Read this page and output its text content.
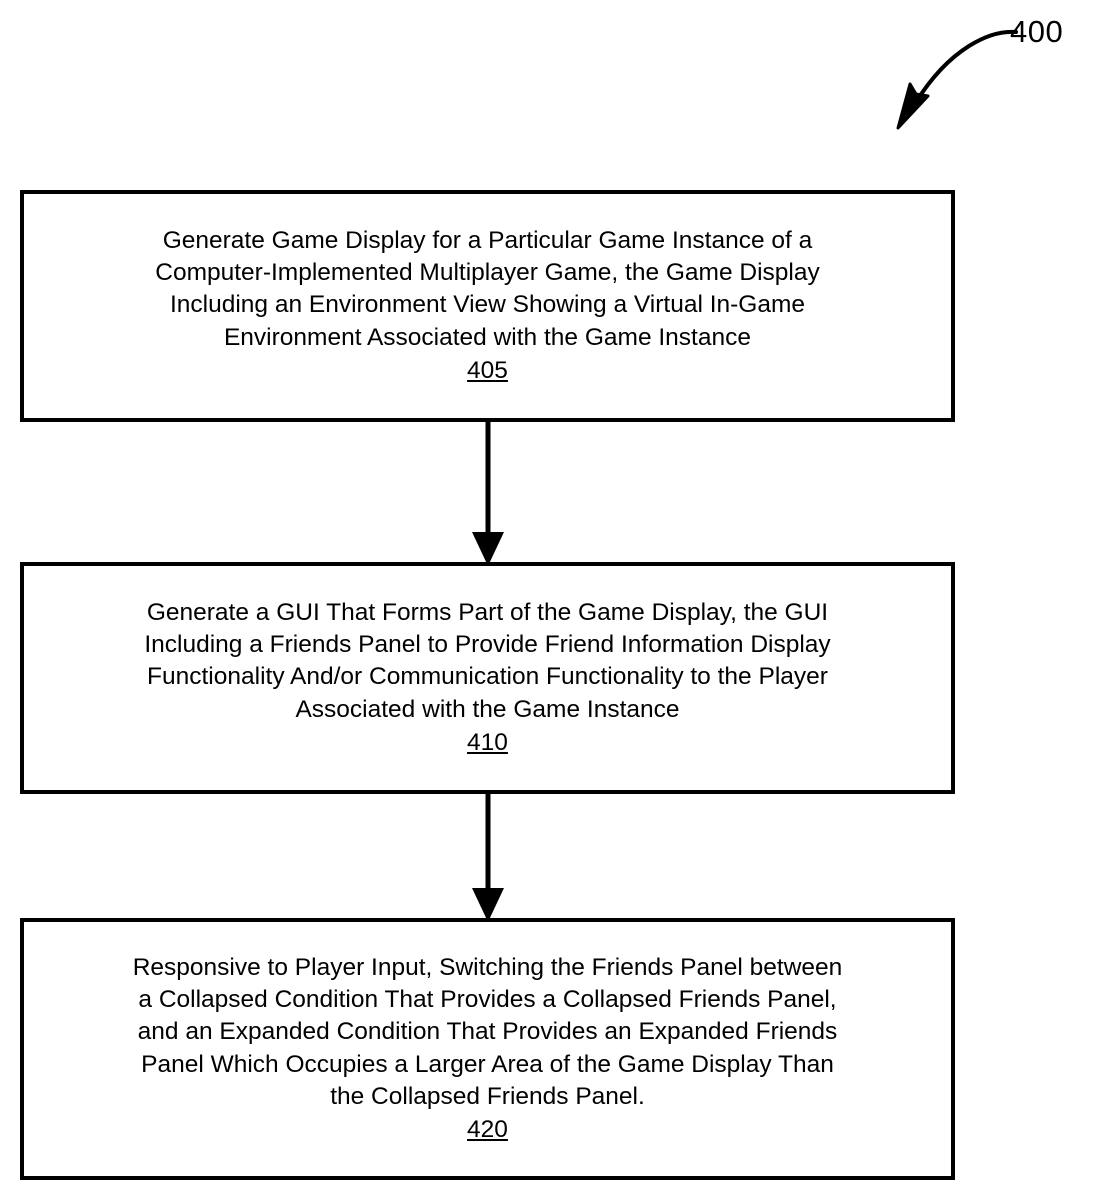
400
Generate Game Display for a Particular Game Instance of a
Computer-Implemented Multiplayer Game, the Game Display
Including an Environment View Showing a Virtual In-Game
Environment Associated with the Game Instance
405
Generate a GUI That Forms Part of the Game Display, the GUI
Including a Friends Panel to Provide Friend Information Display
Functionality And/or Communication Functionality to the Player
Associated with the Game Instance
410
Responsive to Player Input, Switching the Friends Panel between
a Collapsed Condition That Provides a Collapsed Friends Panel,
and an Expanded Condition That Provides an Expanded Friends
Panel Which Occupies a Larger Area of the Game Display Than
the Collapsed Friends Panel.
420
